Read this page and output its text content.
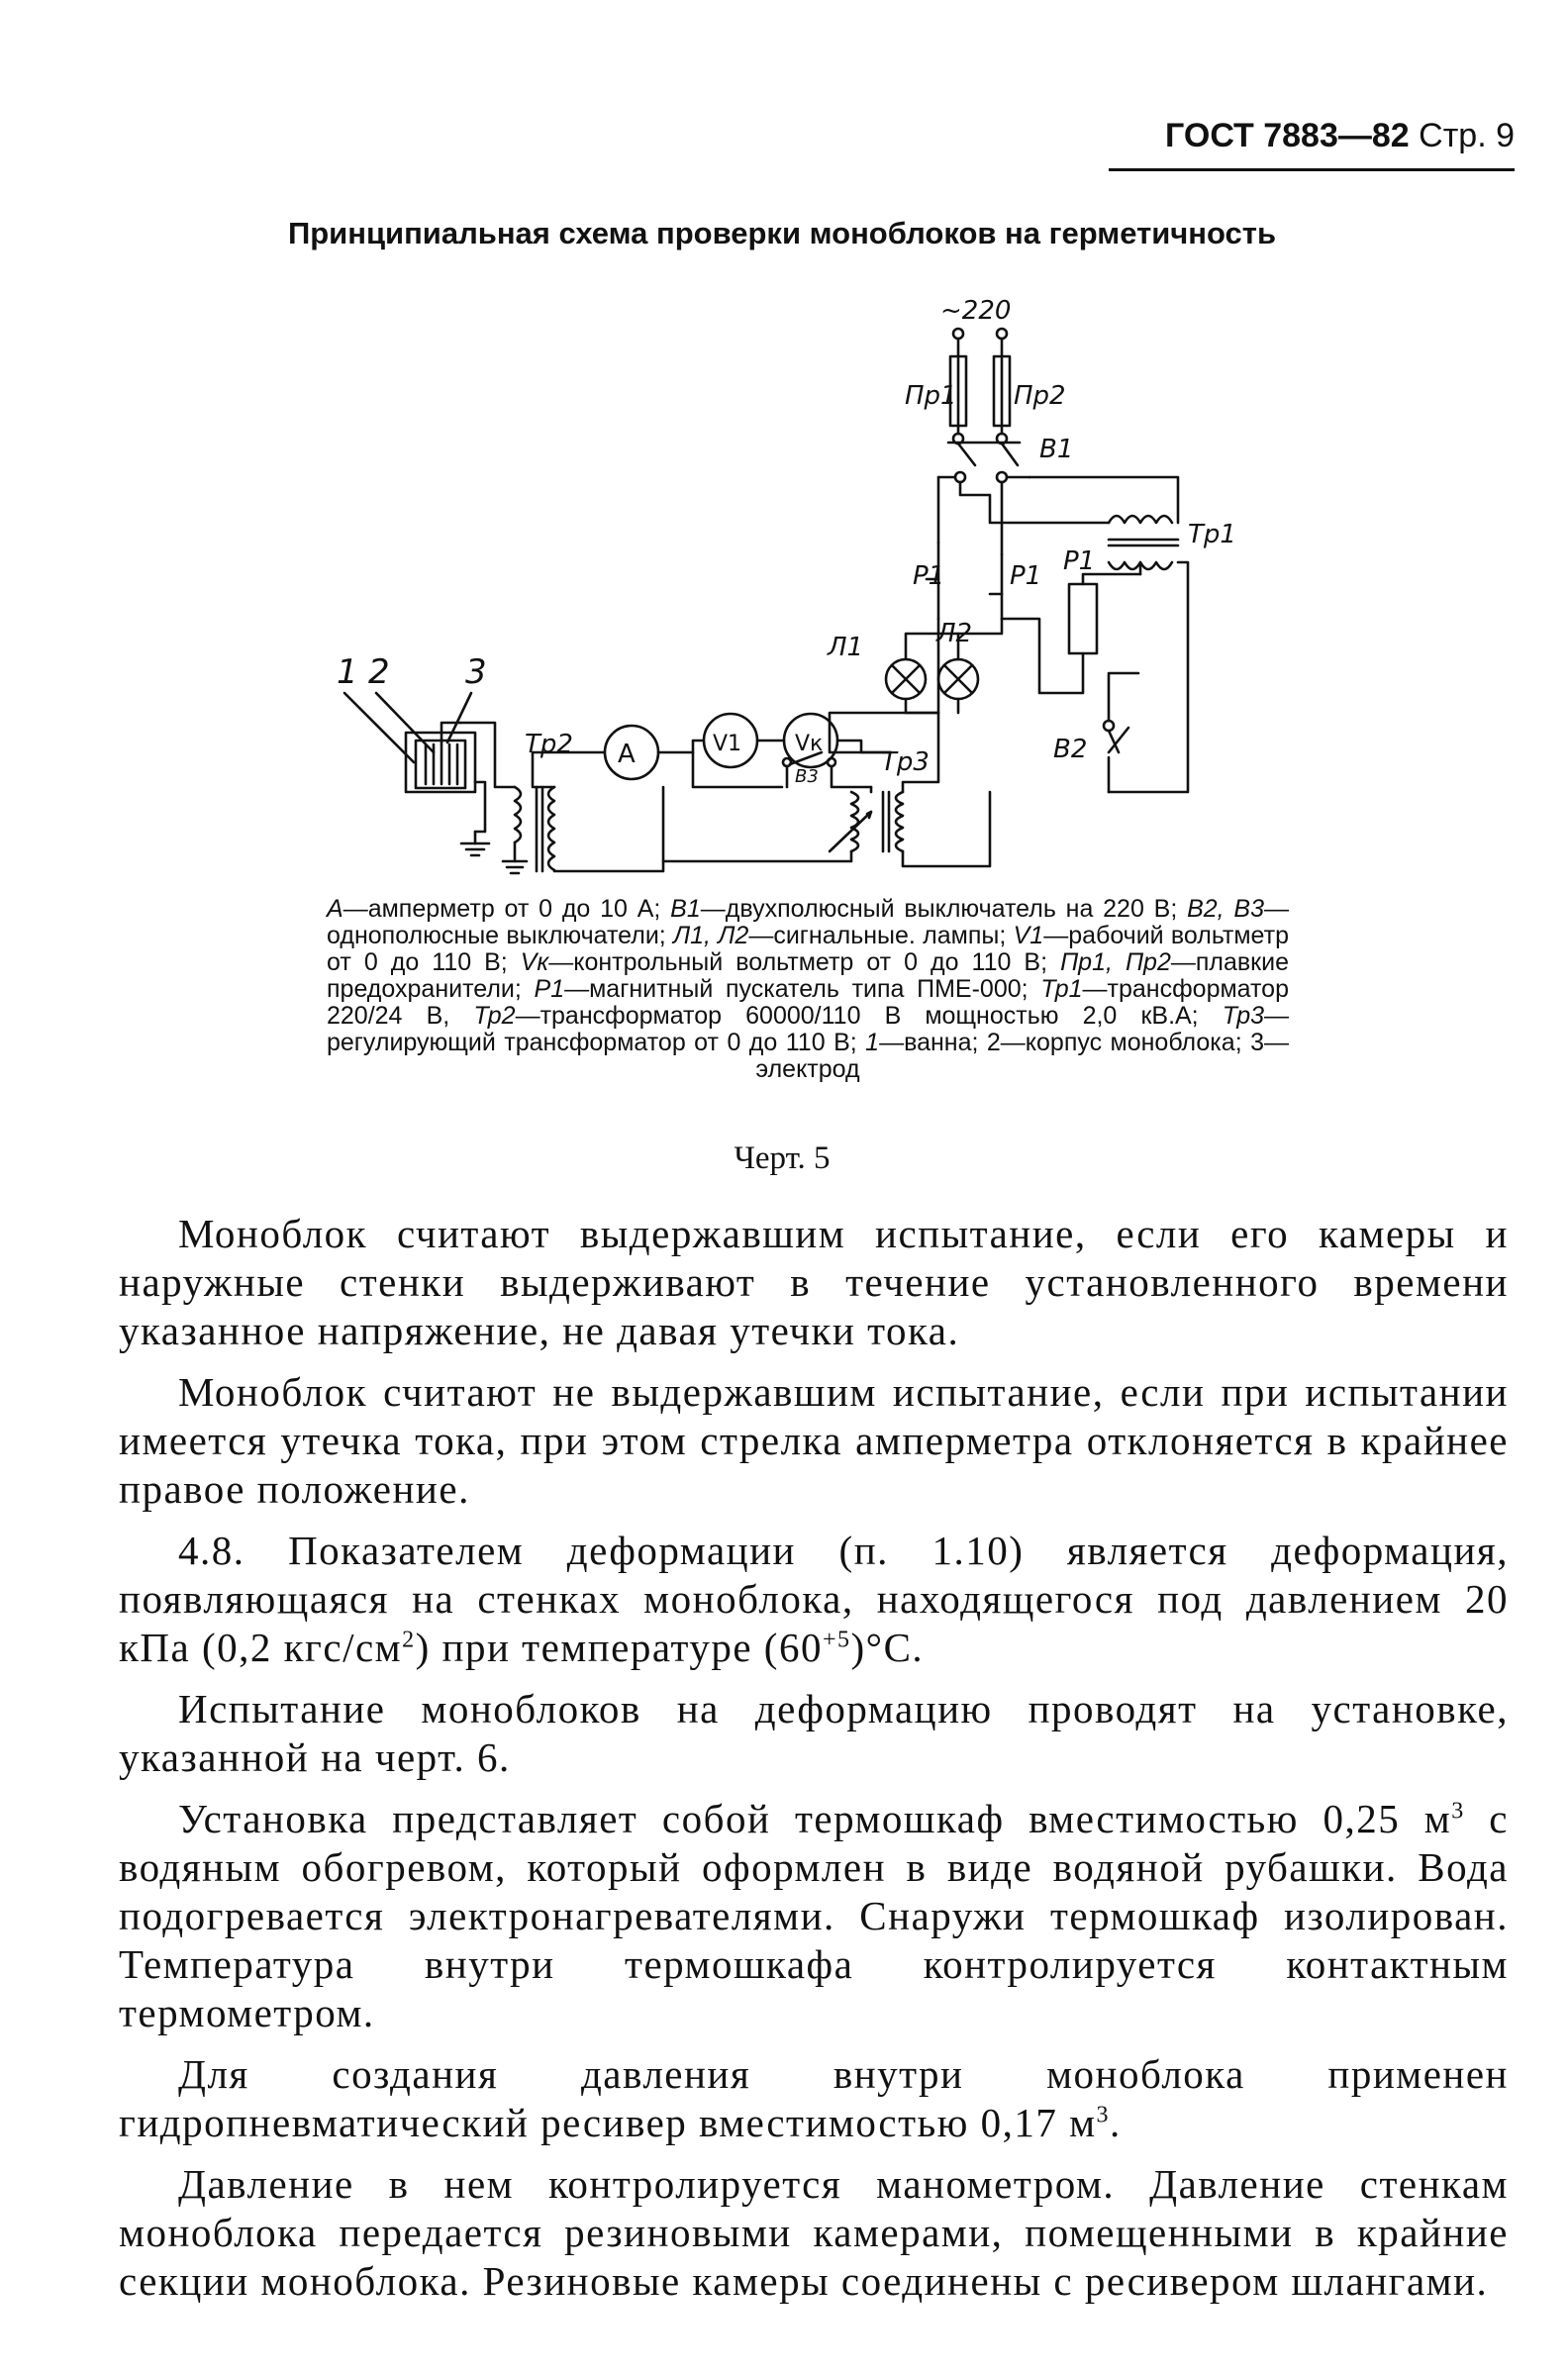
ГОСТ 7883—82 Стр. 9
Принципиальная схема проверки моноблоков на герметичность
~220
Пр1 Пр2
В1
Тр1
Р1	Р1 Р1
В2
Л1	Л2
A	V1 Vк
В3 Тр3
Тр2
1 2 3
А—амперметр от 0 до 10 А; В1—двухполюсный выключатель на 220 В; В2, В3—однополюсные выключатели; Л1, Л2—сигнальные. лампы; V1—рабочий вольтметр от 0 до 110 В; Vк—контрольный вольтметр от 0 до 110 В; Пр1, Пр2—плавкие предохранители; Р1—магнитный пускатель типа ПМЕ-000; Тр1—трансформатор 220/24 В, Тр2—трансформатор 60000/110 В мощностью 2,0 кВ.А; Тр3—регулирующий трансформатор от 0 до 110 В; 1—ванна; 2—корпус моноблока; 3—электрод
Черт. 5

Моноблок считают выдержавшим испытание, если его камеры и наружные стенки выдерживают в течение установленного времени указанное напряжение, не давая утечки тока.

Моноблок считают не выдержавшим испытание, если при испытании имеется утечка тока, при этом стрелка амперметра отклоняется в крайнее правое положение.

4.8. Показателем деформации (п. 1.10) является деформация, появляющаяся на стенках моноблока, находящегося под давлением 20 кПа (0,2 кгс/$см^2$) при температуре $(60^{+5})^\circ С$.

Испытание моноблоков на деформацию проводят на установке, указанной на черт. 6.

Установка представляет собой термошкаф вместимостью 0,25 $м^3$ с водяным обогревом, который оформлен в виде водяной рубашки. Вода подогревается электронагревателями. Снаружи термошкаф изолирован. Температура внутри термошкафа контролируется контактным термометром.

Для создания давления внутри моноблока применен гидропневматический ресивер вместимостью 0,17 $м^3$.

Давление в нем контролируется манометром. Давление стенкам моноблока передается резиновыми камерами, помещенными в крайние секции моноблока. Резиновые камеры соединены с ресивером шлангами.
